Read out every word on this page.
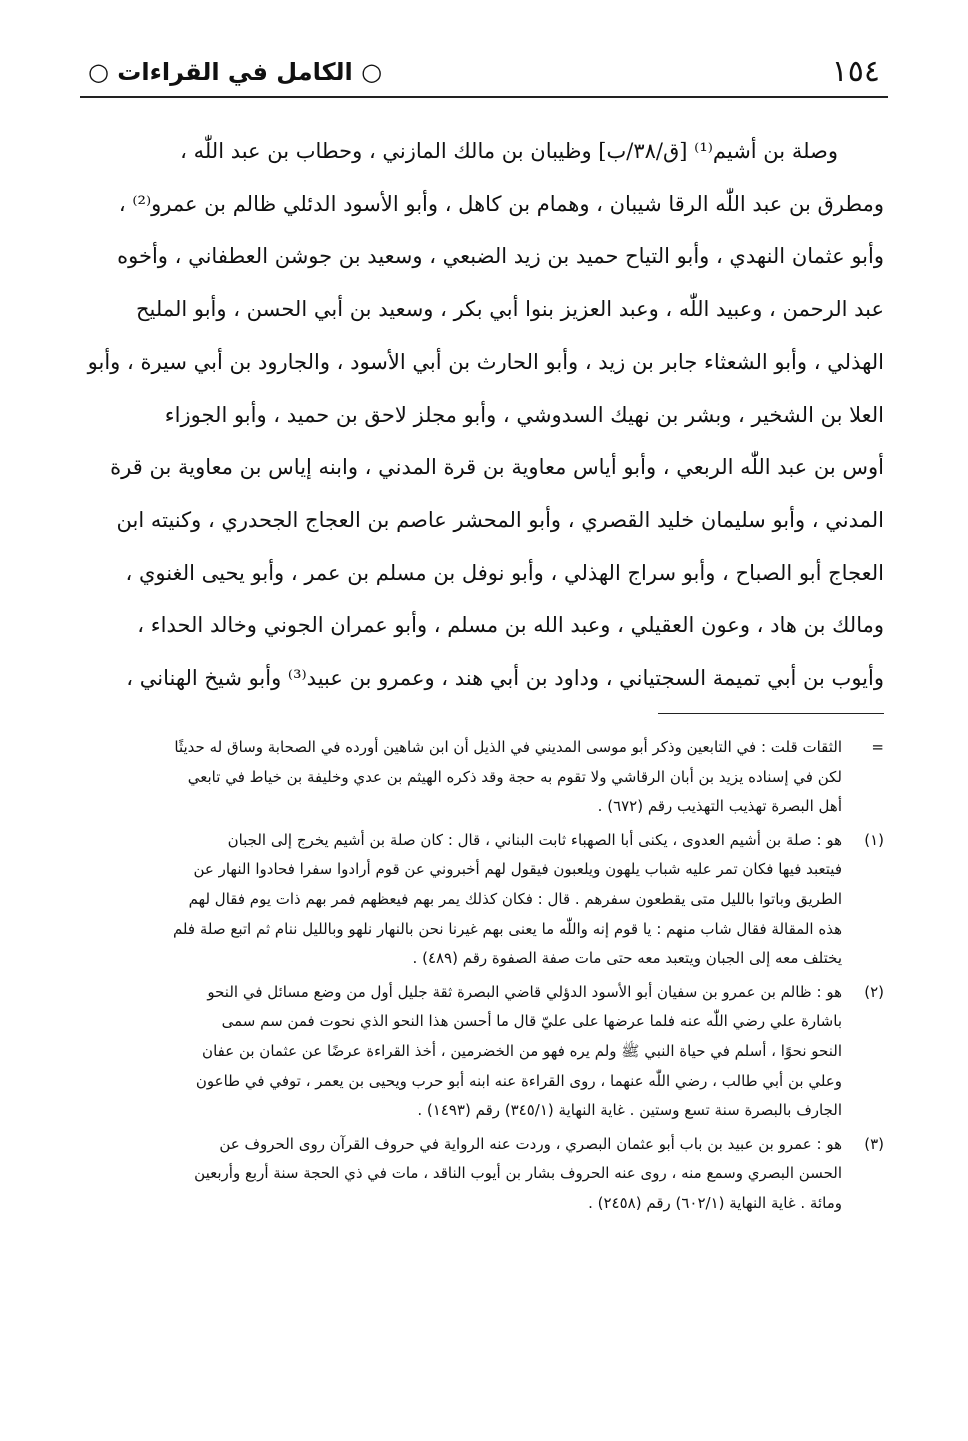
١٥٤
○ الكامل في القراءات ○
وصلة بن أشيم⁽¹⁾ [ق/٣٨/ب] وظيبان بن مالك المازني ، وحطاب بن عبد اللّٰه ،
ومطرق بن عبد اللّٰه الرقا شيبان ، وهمام بن كاهل ، وأبو الأسود الدئلي ظالم بن عمرو⁽²⁾ ،
وأبو عثمان النهدي ، وأبو التياح حميد بن زيد الضبعي ، وسعيد بن جوشن العطفاني ، وأخوه
عبد الرحمن ، وعبيد اللّٰه ، وعبد العزيز بنوا أبي بكر ، وسعيد بن أبي الحسن ، وأبو المليح
الهذلي ، وأبو الشعثاء جابر بن زيد ، وأبو الحارث بن أبي الأسود ، والجارود بن أبي سيرة ، وأبو
العلا بن الشخير ، وبشر بن نهيك السدوشي ، وأبو مجلز لاحق بن حميد ، وأبو الجوزاء
أوس بن عبد اللّٰه الربعي ، وأبو أياس معاوية بن قرة المدني ، وابنه إياس بن معاوية بن قرة
المدني ، وأبو سليمان خليد القصري ، وأبو المحشر عاصم بن العجاج الجحدري ، وكنيته ابن
العجاج أبو الصباح ، وأبو سراج الهذلي ، وأبو نوفل بن مسلم بن عمر ، وأبو يحيى الغنوي ،
ومالك بن هاد ، وعون العقيلي ، وعبد الله بن مسلم ، وأبو عمران الجوني وخالد الحداء ،
وأيوب بن أبي تميمة السجتياني ، وداود بن أبي هند ، وعمرو بن عبيد⁽³⁾ وأبو شيخ الهناني ،
=
الثقات قلت : في التابعين وذكر أبو موسى المديني في الذيل أن ابن شاهين أورده في الصحابة وساق له حديثًا
لكن في إسناده يزيد بن أبان الرقاشي ولا تقوم به حجة وقد ذكره الهيثم بن عدي وخليفة بن خياط في تابعي
أهل البصرة تهذيب التهذيب رقم (٦٧٢) .
(١)
هو : صلة بن أشيم العدوى ، يكنى أبا الصهباء ثابت البناني ، قال : كان صلة بن أشيم يخرج إلى الجبان
فيتعبد فيها فكان تمر عليه شباب يلهون ويلعبون فيقول لهم أخبروني عن قوم أرادوا سفرا فحادوا النهار عن
الطريق وباتوا بالليل متى يقطعون سفرهم . قال : فكان كذلك يمر بهم فيعظهم فمر بهم ذات يوم فقال لهم
هذه المقالة فقال شاب منهم : يا قوم إنه واللّٰه ما يعنى بهم غيرنا نحن بالنهار نلهو وبالليل ننام ثم اتبع صلة فلم
يختلف معه إلى الجبان ويتعبد معه حتى مات صفة الصفوة رقم (٤٨٩) .
(٢)
هو : ظالم بن عمرو بن سفيان أبو الأسود الدؤلي قاضي البصرة ثقة جليل أول من وضع مسائل في النحو
باشارة علي رضي اللّٰه عنه فلما عرضها على عليّ قال ما أحسن هذا النحو الذي نحوت فمن سم سمى
النحو نحوًا ، أسلم في حياة النبي ﷺ ولم يره فهو من الخضرمين ، أخذ القراءة عرضًا عن عثمان بن عفان
وعلي بن أبي طالب ، رضي اللّٰه عنهما ، روى القراءة عنه ابنه أبو حرب ويحيى بن يعمر ، توفي في طاعون
الجارف بالبصرة سنة تسع وستين . غاية النهاية (٣٤٥/١) رقم (١٤٩٣) .
(٣)
هو : عمرو بن عبيد بن باب أبو عثمان البصري ، وردت عنه الرواية في حروف القرآن روى الحروف عن
الحسن البصري وسمع منه ، روى عنه الحروف بشار بن أيوب الناقد ، مات في ذي الحجة سنة أربع وأربعين
ومائة . غاية النهاية (٦٠٢/١) رقم (٢٤٥٨) .
